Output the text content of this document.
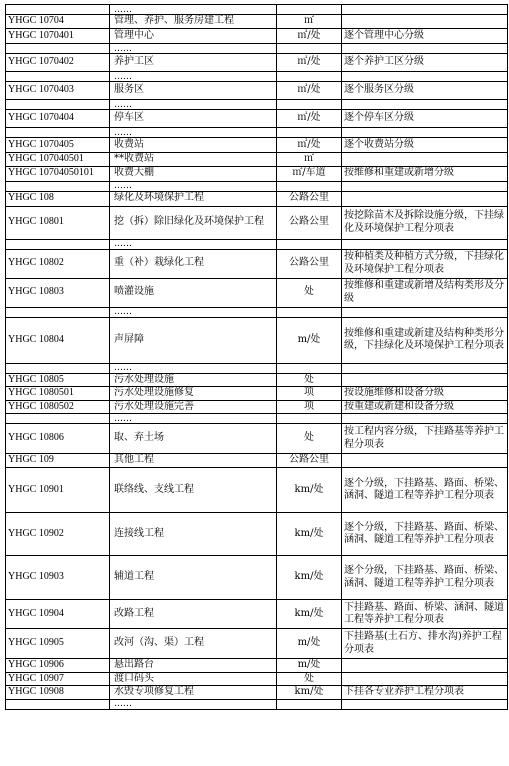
	……		
YHGC 10704	管理、养护、服务房建工程	㎡	
YHGC 1070401	管理中心	㎡/处	逐个管理中心分级
	……		
YHGC 1070402	养护工区	㎡/处	逐个养护工区分级
	……		
YHGC 1070403	服务区	㎡/处	逐个服务区分级
	……		
YHGC 1070404	停车区	㎡/处	逐个停车区分级
	……		
YHGC 1070405	收费站	㎡/处	逐个收费站分级
YHGC 107040501	**收费站	㎡	
YHGC 10704050101	收费大棚	㎡/车道	按维修和重建或新增分级
	……		
YHGC 108	绿化及环境保护工程	公路公里	
YHGC 10801	挖（拆）除旧绿化及环境保护工程	公路公里	按挖除苗木及拆除设施分级，下挂绿化及环境保护工程分项表
	……		
YHGC 10802	重（补）栽绿化工程	公路公里	按种植类及种植方式分级，下挂绿化及环境保护工程分项表
YHGC 10803	喷灌设施	处	按维修和重建或新增及结构类形及分级
	……		
YHGC 10804	声屏障	m/处	按维修和重建或新建及结构种类形分级，下挂绿化及环境保护工程分项表
	……		
YHGC 10805	污水处理设施	处	
YHGC 1080501	污水处理设施修复	项	按设施维修和设备分级
YHGC 1080502	污水处理设施完善	项	按重建或新建和设备分级
	……		
YHGC 10806	取、弃土场	处	按工程内容分级，下挂路基等养护工程分项表
YHGC 109	其他工程	公路公里	
YHGC 10901	联络线、支线工程	km/处	逐个分级，下挂路基、路面、桥梁、涵洞、隧道工程等养护工程分项表
YHGC 10902	连接线工程	km/处	逐个分级，下挂路基、路面、桥梁、涵洞、隧道工程等养护工程分项表
YHGC 10903	辅道工程	km/处	逐个分级，下挂路基、路面、桥梁、涵洞、隧道工程等养护工程分项表
YHGC 10904	改路工程	km/处	下挂路基、路面、桥梁、涵洞、隧道工程等养护工程分项表
YHGC 10905	改河（沟、渠）工程	m/处	下挂路基(土石方、排水沟)养护工程分项表
YHGC 10906	悬出路台	m/处	
YHGC 10907	渡口码头	处	
YHGC 10908	水毁专项修复工程	km/处	下挂各专业养护工程分项表
	……		
